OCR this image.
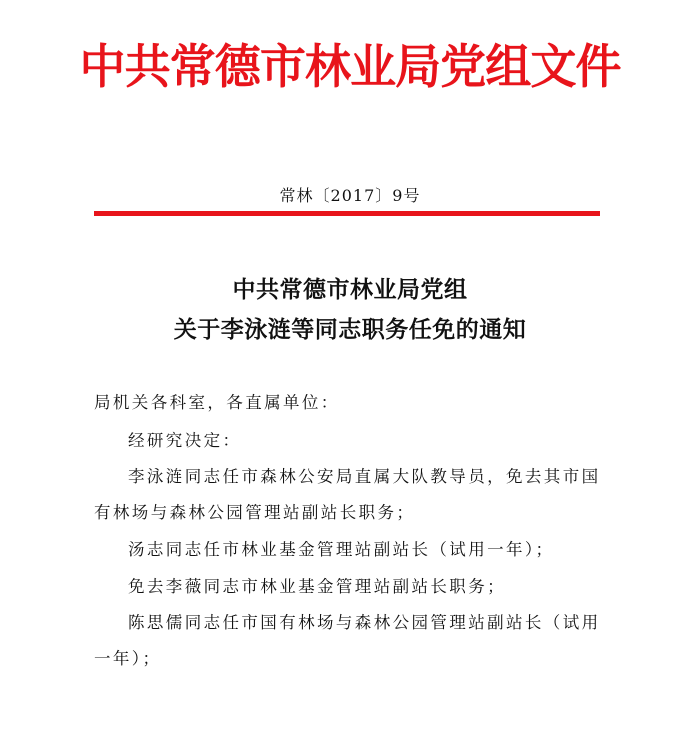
中共常德市林业局党组文件
常林〔2017〕9号
中共常德市林业局党组
关于李泳涟等同志职务任免的通知
局机关各科室，各直属单位：
经研究决定：
李泳涟同志任市森林公安局直属大队教导员，免去其市国
有林场与森林公园管理站副站长职务；
汤志同志任市林业基金管理站副站长（试用一年）；
免去李薇同志市林业基金管理站副站长职务；
陈思儒同志任市国有林场与森林公园管理站副站长（试用
一年）；
